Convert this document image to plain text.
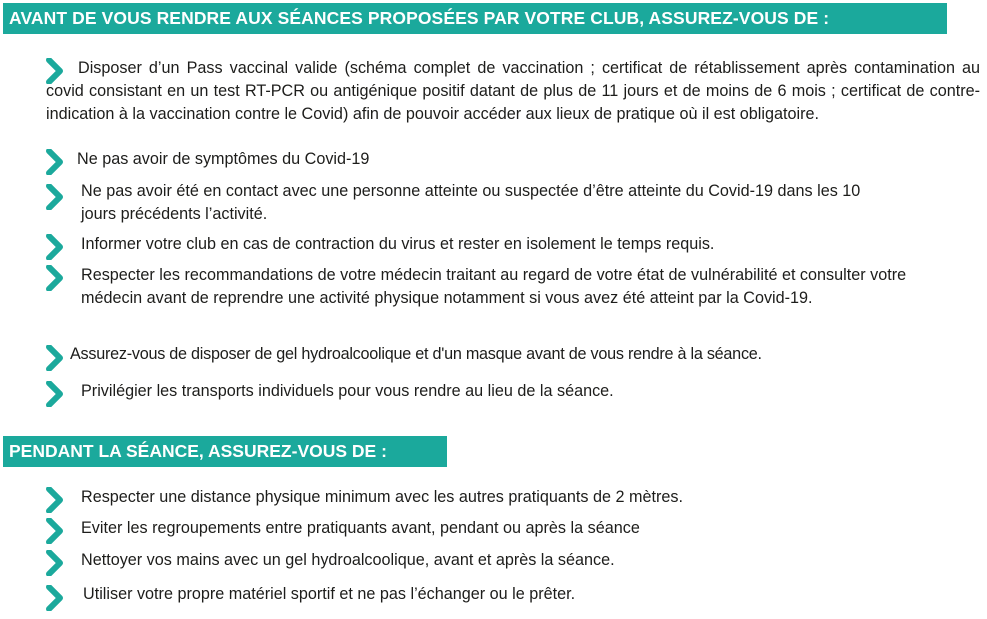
AVANT DE VOUS RENDRE AUX SÉANCES PROPOSÉES PAR VOTRE CLUB, ASSUREZ-VOUS DE :
Disposer d’un Pass vaccinal valide (schéma complet de vaccination ; certificat de rétablissement après contamination au covid consistant en un test RT-PCR ou antigénique positif datant de plus de 11 jours et de moins de 6 mois ; certificat de contre-indication à la vaccination contre le Covid) afin de pouvoir accéder aux lieux de pratique où il est obligatoire.
Ne pas avoir de symptômes du Covid-19
Ne pas avoir été en contact avec une personne atteinte ou suspectée d’être atteinte du Covid-19 dans les 10 jours précédents l’activité.
Informer votre club en cas de contraction du virus et rester en isolement le temps requis.
Respecter les recommandations de votre médecin traitant au regard de votre état de vulnérabilité et consulter votre médecin avant de reprendre une activité physique notamment si vous avez été atteint par la Covid-19.
Assurez-vous de disposer de gel hydroalcoolique et d'un masque avant de vous rendre à la séance.
Privilégier les transports individuels pour vous rendre au lieu de la séance.
PENDANT LA SÉANCE, ASSUREZ-VOUS DE :
Respecter une distance physique minimum avec les autres pratiquants de 2 mètres.
Eviter les regroupements entre pratiquants avant, pendant ou après la séance
Nettoyer vos mains avec un gel hydroalcoolique, avant et après la séance.
Utiliser votre propre matériel sportif et ne pas l’échanger ou le prêter.
